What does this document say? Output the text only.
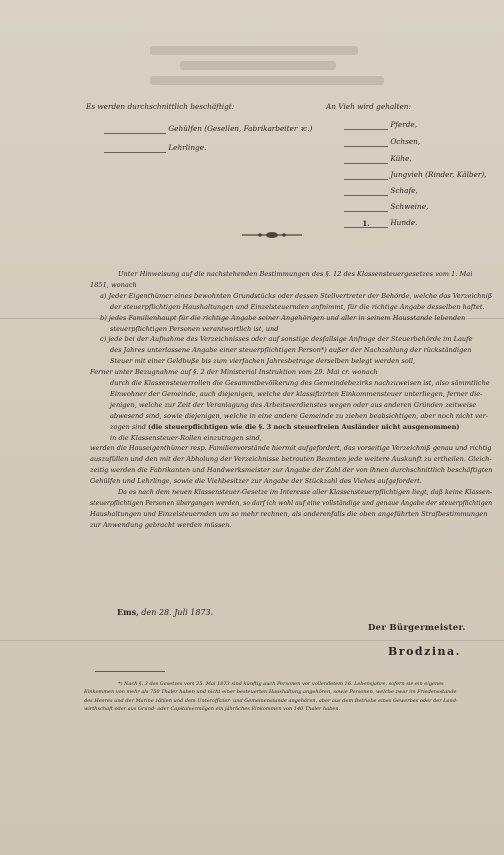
Es werden durchschnittlich beschäftigt:
Gehülfen (Gesellen, Fabrikarbeiter ꝛc.)
Lehrlinge.
An Vieh wird gehalten:
Pferde,
Ochsen,
Kühe,
Jungvieh (Rinder, Kälber),
Schafe,
Schweine,
1. Hunde.
Unter Hinweisung auf die nachstehenden Bestimmungen des §. 12 des Klassensteuergesetzes vom 1. Mai
1851, wonach
a) Jeder Eigenthümer eines bewohnten Grundstücks oder dessen Stellvertreter der Behörde, welche das Verzeichniß
der steuerpflichtigen Haushaltungen und Einzelsteuernden anfnimmt, für die richtige Angabe desselben haftet.
b) jedes Familienhaupt für die richtige Angabe seiner Angehörigen und aller in seinem Hausstande lebenden
steuerpflichtigen Personen verantwortlich ist, und
c) jede bei der Aufnahme des Verzeichnisses oder auf sonstige desfallsige Anfrage der Steuerbehörde im Laufe
des Jahres unterlassene Angabe einer steuerpflichtigen Person*) außer der Nachzahlung der rückständigen
Steuer mit einer Geldbuße bis zum vierfachen Jahresbetrage derselben belegt werden soll,
Ferner unter Bezugnahme auf §. 2 der Ministerial Instruktion vom 29. Mai cr. wonach
durch die Klassensteuerrollen die Gesammtbevölkerung des Gemeindebezirks nachzuweisen ist, also sämmtliche
Einwohner der Gemeinde, auch diejenigen, welche der klassifizirten Einkommensteuer unterliegen, ferner die-
jenigen, welche zur Zeit der Veranlagung des Arbeitsverdienstes wegen oder aus anderen Gründen zeitweise
abwesend sind, sowie diejenigen, welche in eine andere Gemeinde zu ziehen beabsichtigen, aber noch nicht ver-
zogen sind (die steuerpflichtigen wie die §. 3 noch steuerfreien Ausländer nicht ausgenommen)
in die Klassensteuer-Rollen einzutragen sind,
werden die Hauseigenthümer resp. Familienvorstände hiermit aufgefordert, das vorseitige Verzeichniß genau und richtig
auszufüllen und den mit der Abholung der Verzeichnisse betrauten Beamten jede weitere Auskunft zu ertheilen. Gleich-
zeitig werden die Fabrikanten und Handwerksmeister zur Angabe der Zahl der von ihnen durchschnittlich beschäftigten
Gehülfen und Lehrlinge, sowie die Viehbesitzer zur Angabe der Stückzahl des Viehes aufgefordert.
Da es nach dem neuen Klassensteuer-Gesetze im Interesse aller Klassensteuerpflichtigen liegt, daß keine Klassen-
steuerpflichtigen Personen übergangen werden, so darf ich wohl auf eine vollständige und genaue Angabe der steuerpflichtigen
Haushaltungen und Einzelsteuernden um so mehr rechnen, als anderenfalls die oben angeführten Strafbestimmungen
zur Anwendung gebracht werden müssen.
Ems, den 28. Juli 1873.
Der Bürgermeister.
Brodzina.
*) Nach §. 3 des Gesetzes vom 25. Mai 1873 sind künftig auch Personen vor vollendetem 16. Lebensjahre, sofern sie ein eigenes
Einkommen von mehr als 750 Thaler haben und nicht einer besteuerten Haushaltung angehören, sowie Personen, welche zwar im Friedensstande
des Heeres und der Marine zählen und dem Unteroffizier- und Gemeinenstande angehören, aber aus dem Betriebe eines Gewerbes oder der Land-
wirthschaft oder aus Grund- oder Capitalvermögen ein jährliches Einkommen von 140 Thaler haben.
